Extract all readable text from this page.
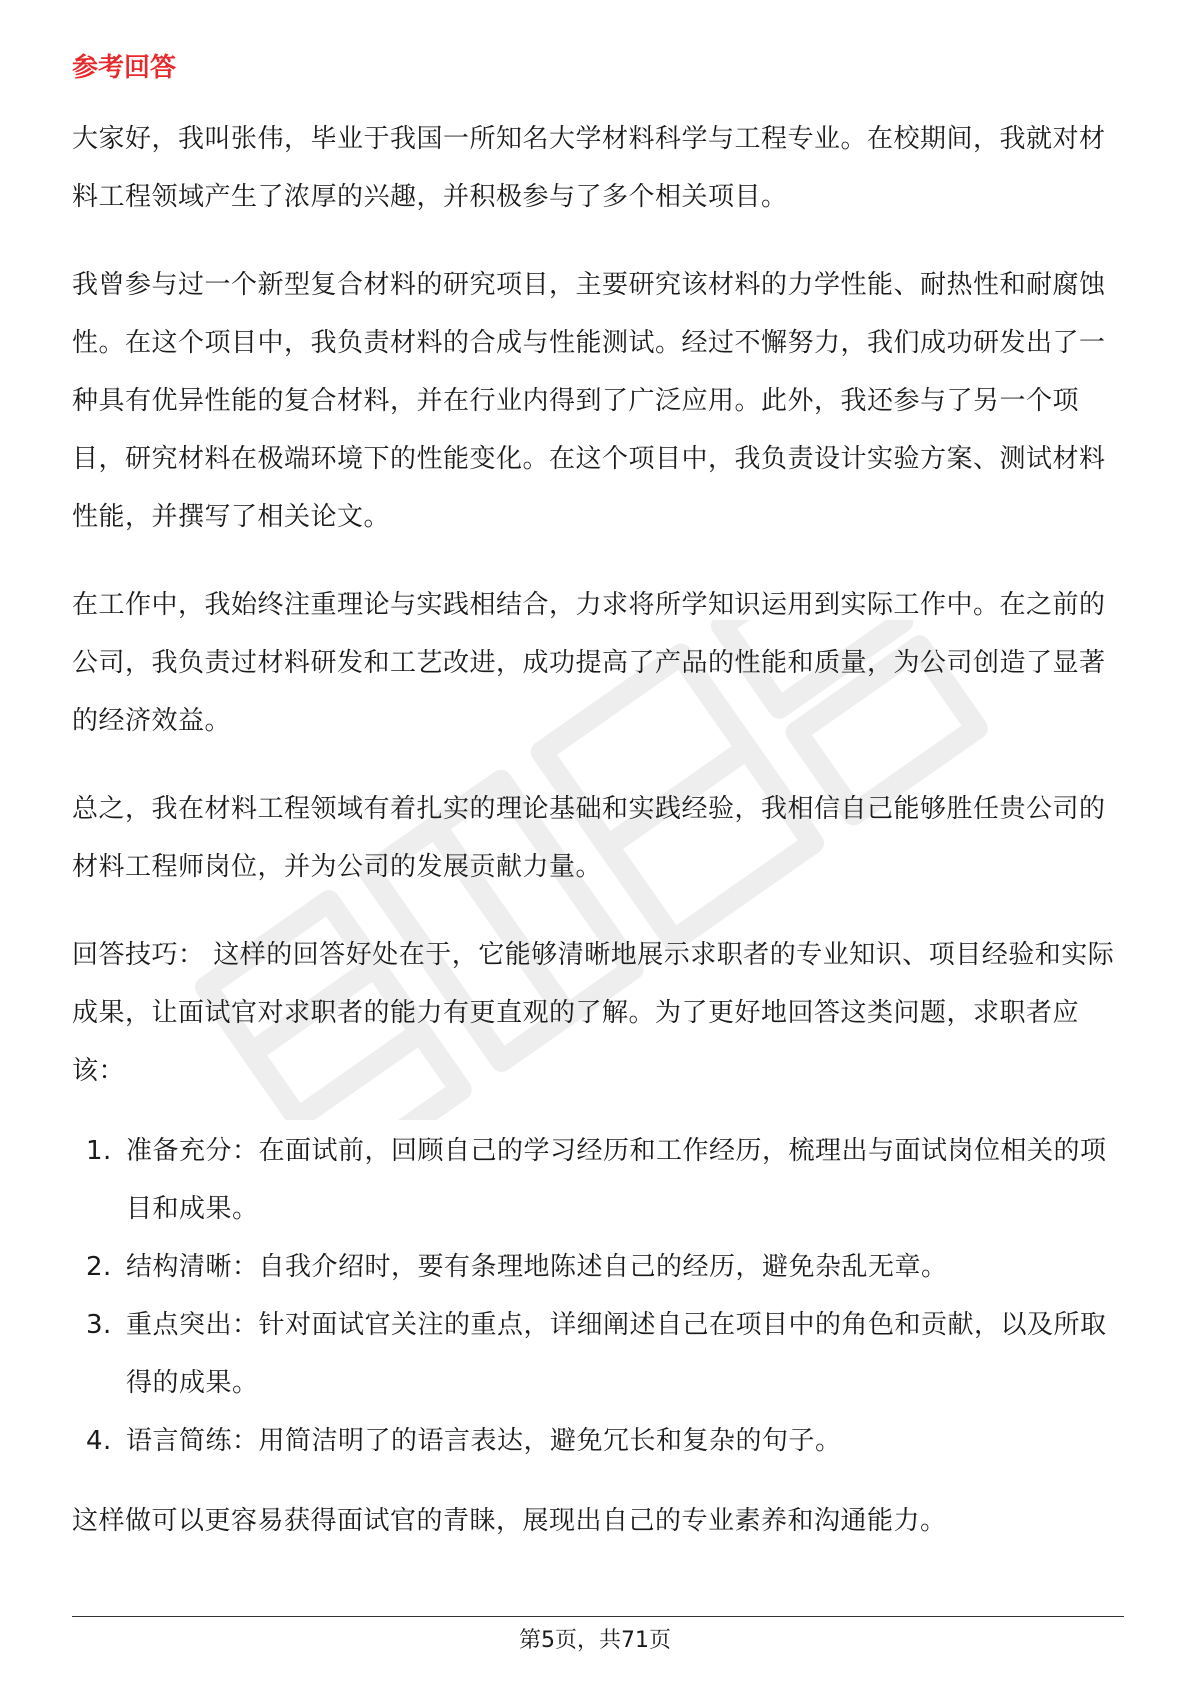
参考回答

大家好，我叫张伟，毕业于我国一所知名大学材料科学与工程专业。在校期间，我就对材料工程领域产生了浓厚的兴趣，并积极参与了多个相关项目。

我曾参与过一个新型复合材料的研究项目，主要研究该材料的力学性能、耐热性和耐腐蚀性。在这个项目中，我负责材料的合成与性能测试。经过不懈努力，我们成功研发出了一种具有优异性能的复合材料，并在行业内得到了广泛应用。此外，我还参与了另一个项目，研究材料在极端环境下的性能变化。在这个项目中，我负责设计实验方案、测试材料性能，并撰写了相关论文。

在工作中，我始终注重理论与实践相结合，力求将所学知识运用到实际工作中。在之前的公司，我负责过材料研发和工艺改进，成功提高了产品的性能和质量，为公司创造了显著的经济效益。

总之，我在材料工程领域有着扎实的理论基础和实践经验，我相信自己能够胜任贵公司的材料工程师岗位，并为公司的发展贡献力量。

回答技巧： 这样的回答好处在于，它能够清晰地展示求职者的专业知识、项目经验和实际成果，让面试官对求职者的能力有更直观的了解。为了更好地回答这类问题，求职者应该：

1. 准备充分：在面试前，回顾自己的学习经历和工作经历，梳理出与面试岗位相关的项目和成果。
2. 结构清晰：自我介绍时，要有条理地陈述自己的经历，避免杂乱无章。
3. 重点突出：针对面试官关注的重点，详细阐述自己在项目中的角色和贡献，以及所取得的成果。
4. 语言简练：用简洁明了的语言表达，避免冗长和复杂的句子。

这样做可以更容易获得面试官的青睐，展现出自己的专业素养和沟通能力。

第5页，共71页
